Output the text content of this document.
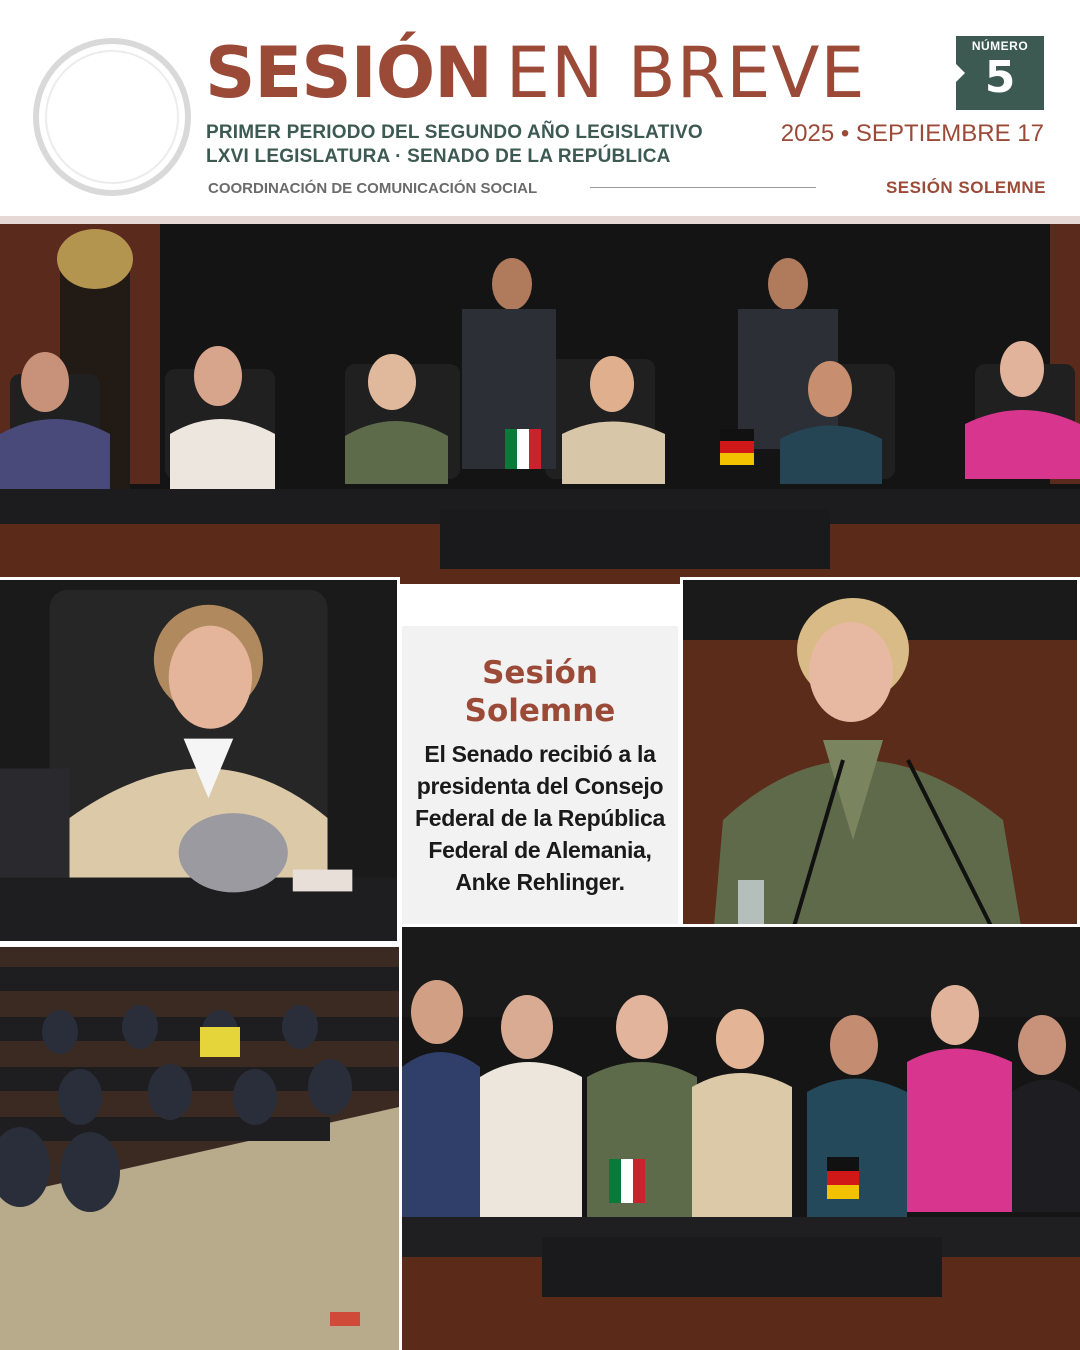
SESIÓN EN BREVE	NÚMERO
5
PRIMER PERIODO DEL SEGUNDO AÑO LEGISLATIVO
LXVI LEGISLATURA · SENADO DE LA REPÚBLICA
2025 • SEPTIEMBRE 17
COORDINACIÓN DE COMUNICACIÓN SOCIAL	SESIÓN SOLEMNE
Sesión
Solemne
El Senado recibió a la
presidenta del Consejo
Federal de la República
Federal de Alemania,
Anke Rehlinger.
